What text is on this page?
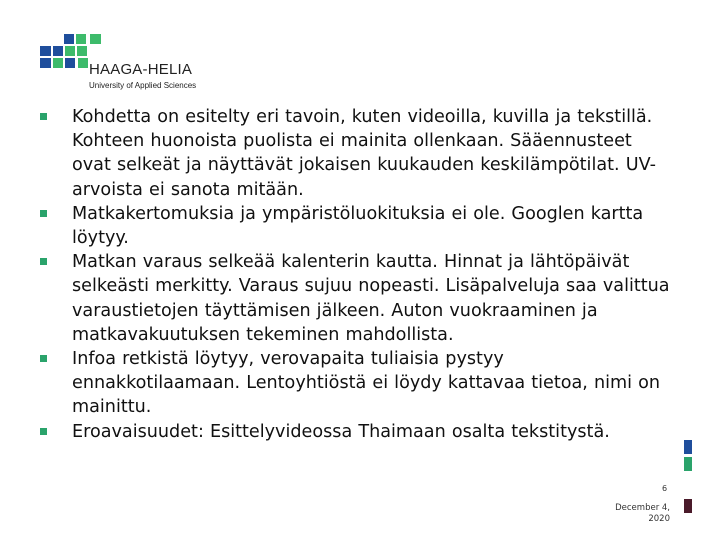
HAAGA-HELIA
University of Applied Sciences
Kohdetta on esitelty eri tavoin, kuten videoilla, kuvilla ja tekstillä. Kohteen huonoista puolista ei mainita ollenkaan. Sääennusteet ovat selkeät ja näyttävät jokaisen kuukauden keskilämpötilat. UV-arvoista ei sanota mitään.
Matkakertomuksia ja ympäristöluokituksia ei ole. Googlen kartta löytyy.
Matkan varaus selkeää kalenterin kautta. Hinnat ja lähtöpäivät selkeästi merkitty. Varaus sujuu nopeasti. Lisäpalveluja saa valittua varaustietojen täyttämisen jälkeen. Auton vuokraaminen ja matkavakuutuksen tekeminen mahdollista.
Infoa retkistä löytyy, verovapaita tuliaisia pystyy ennakkotilaamaan. Lentoyhtiöstä ei löydy kattavaa tietoa, nimi on mainittu.
Eroavaisuudet: Esittelyvideossa Thaimaan osalta tekstitystä.
6
December 4,
2020
